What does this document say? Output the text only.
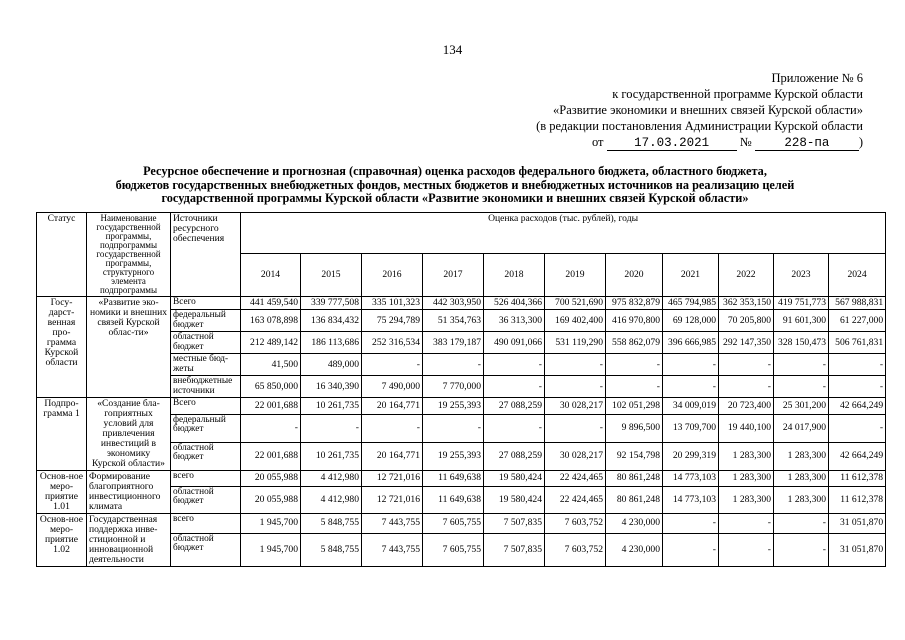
134
Приложение № 6
к государственной программе Курской области
«Развитие экономики и внешних связей Курской области»
(в редакции постановления Администрации Курской области
от 17.03.2021 №	228-па )
Ресурсное обеспечение и прогнозная (справочная) оценка расходов федерального бюджета, областного бюджета,
бюджетов государственных внебюджетных фондов, местных бюджетов и внебюджетных источников на реализацию целей
государственной программы Курской области «Развитие экономики и внешних связей Курской области»
Статус	Наименование государственной программы, подпрограммы государственной программы, структурного элемента подпрограммы	Источники ресурсного обеспечения	Оценка расходов (тыс. рублей), годы										
			2014	2015	2016	2017	2018	2019	2020	2021	2022	2023	2024
Госу-дарст-венная про-грамма Курской области	«Развитие эко-номики и внешних связей Курской облас-ти»	Всего	441 459,540	339 777,508	335 101,323	442 303,950	526 404,366	700 521,690	975 832,879	465 794,985	362 353,150	419 751,773	567 988,831
		федеральный бюджет	163 078,898	136 834,432	75 294,789	51 354,763	36 313,300	169 402,400	416 970,800	69 128,000	70 205,800	91 601,300	61 227,000
		областной бюджет	212 489,142	186 113,686	252 316,534	383 179,187	490 091,066	531 119,290	558 862,079	396 666,985	292 147,350	328 150,473	506 761,831
		местные бюд-жеты	41,500	489,000	-	-	-	-	-	-	-	-	-
		внебюджетные источники	65 850,000	16 340,390	7 490,000	7 770,000	-	-	-	-	-	-	-
Подпро-грамма 1	«Создание бла-гоприятных условий для привлечения инвестиций в экономику Курской области»	Всего	22 001,688	10 261,735	20 164,771	19 255,393	27 088,259	30 028,217	102 051,298	34 009,019	20 723,400	25 301,200	42 664,249
		федеральный бюджет	-	-	-	-	-	-	9 896,500	13 709,700	19 440,100	24 017,900	-
		областной бюджет	22 001,688	10 261,735	20 164,771	19 255,393	27 088,259	30 028,217	92 154,798	20 299,319	1 283,300	1 283,300	42 664,249
Основ-ное меро-приятие 1.01	Формирование благоприятного инвестиционного климата	всего	20 055,988	4 412,980	12 721,016	11 649,638	19 580,424	22 424,465	80 861,248	14 773,103	1 283,300	1 283,300	11 612,378
		областной бюджет	20 055,988	4 412,980	12 721,016	11 649,638	19 580,424	22 424,465	80 861,248	14 773,103	1 283,300	1 283,300	11 612,378
Основ-ное меро-приятие 1.02	Государственная поддержка инве-стиционной и инновационной деятельности	всего	1 945,700	5 848,755	7 443,755	7 605,755	7 507,835	7 603,752	4 230,000	-	-	-	31 051,870
		областной бюджет	1 945,700	5 848,755	7 443,755	7 605,755	7 507,835	7 603,752	4 230,000	-	-	-	31 051,870
